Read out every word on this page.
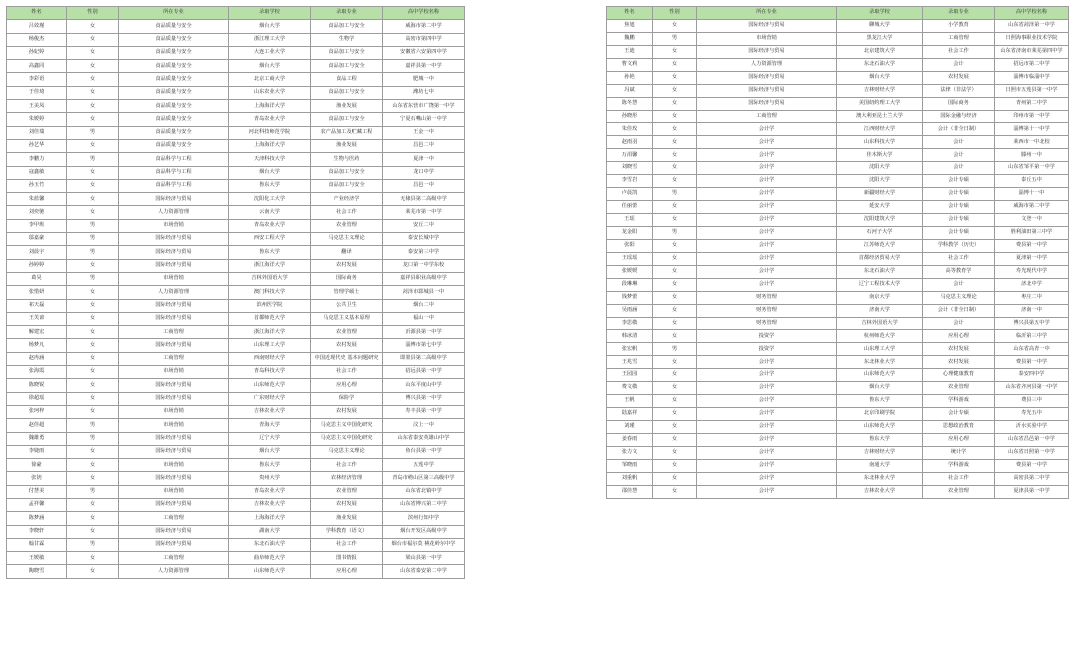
姓名	性别	所在专业	录取学校	录取专业	高中学校名称
吕效瑾	女	食品质量与安全	烟台大学	食品加工与安全	威海市第二中学
杨俊杰	女	食品质量与安全	浙江理工大学	生物学	高密市第四中学
孙妃婷	女	食品质量与安全	大连工业大学	食品加工与安全	安徽省六安第四中学
高鑫同	女	食品质量与安全	烟台大学	食品加工与安全	嘉祥县第一中学
李彩语	女	食品质量与安全	北京工商大学	食品工程	肥城一中
于佳琦	女	食品质量与安全	山东农业大学	食品加工与安全	潍坊七中
王美凤	女	食品质量与安全	上海海洋大学	渔业发展	山东省东营市广饶第一中学
朱媛婷	女	食品质量与安全	青岛农业大学	食品加工与安全	宁夏石嘴山第一中学
刘佳瑞	男	食品质量与安全	河北科技师范学院	农产品加工及贮藏工程	王金一中
孙艺华	女	食品质量与安全	上海海洋大学	渔业发展	昌邑二中
李鹏力	男	食品科学与工程	天津科技大学	生物与医药	夏津一中
寇鑫敏	女	食品科学与工程	烟台大学	食品加工与安全	龙口中学
孙玉竹	女	食品科学与工程	鲁东大学	食品加工与安全	昌邑一中
朱蓝馨	女	国际经济与贸易	沈阳化工大学	产业经济学	无棣县第二高级中学
刘奕驰	女	人力资源管理	云南大学	社会工作	莱芜市第一中学
李甲班	男	市场营销	青岛农业大学	农业管理	安丘二中
邬嘉豪	男	国际经济与贸易	西安工程大学	马克思主义理论	泰安长城中学
刘晨宇	男	国际经济与贸易	鲁东大学	翻译	泰安第三中学
孙婷婷	女	国际经济与贸易	浙江海洋大学	农村发展	龙口第一中学东校
葛昊	男	市场营销	吉林外国语大学	国际商务	嘉祥县职业高级中学
张惜妍	女	人力资源管理	澳门科技大学	管理学硕士	菏泽市郓城县一中
祁天磊	女	国际经济与贸易	滨州医学院	公共卫生	烟台二中
王芙谚	女	国际经济与贸易	首都师范大学	马克思主义基本原理	福山一中
解建宏	女	工商管理	浙江海洋大学	农业管理	沂源县第一中学
杨梦凡	女	国际经济与贸易	山东理工大学	农村发展	淄博市第七中学
赵冉涵	女	工商管理	西南财经大学	中国近现代史 基本问题研究	即墨县第二高级中学
张海霞	女	市场营销	青岛科技大学	社会工作	招远县第一中学
陈晓锐	女	国际经济与贸易	山东师范大学	应用心理	山东平度山中学
徐超瑶	女	国际经济与贸易	广东财经大学	保险学	博兴县第一中学
张珂梓	女	市场营销	吉林农业大学	农村发展	寿丰县第一中学
赵佳超	男	市场营销	青海大学	马克思主义中国化研究	汶上一中
魏雄勇	男	国际经济与贸易	辽宁大学	马克思主义中国化研究	山东省泰安英雄山中学
李婕雨	女	国际经济与贸易	烟台大学	马克思主义理论	鱼台县第一中学
徐豪	女	市场营销	鲁东大学	社会工作	五莲中学
张钥	女	国际经济与贸易	贵州大学	农林经济管理	青岛市崂山区第三高级中学
付慧美	男	市场营销	青岛农业大学	农业管理	山东省北镇中学
孟祥馨	女	国际经济与贸易	吉林农业大学	农村发展	山东省博兴第二中学
陈梦涵	女	工商管理	上海海洋大学	渔业发展	滨州行知中学
李晓轩	女	国际经济与贸易	湖南大学	学科教育（语文）	烟台开发区高级中学
翰甘霖	男	国际经济与贸易	东北石油大学	社会工作	烟台市福尔莫 桃花岭尔中学
王媛敏	女	工商管理	曲阜师范大学	图书情报	梁山县第一中学
陶晓雪	女	人力资源管理	山东师范大学	应用心理	山东省泰安第二中学
姓名	性别	所在专业	录取学校	录取专业	高中学校名称
焦旭	女	国际经济与贸易	聊城大学	小学教育	山东省菏泽第一中学
魏鹏	男	市场营销	黑龙江大学	工商管理	日照海事职业技术学院
王迪	女	国际经济与贸易	北京建筑大学	社会工作	山东省济南市莱芜第四中学
曹文莉	女	人力资源管理	东北石油大学	会计	招远市第二中学
孙艳	女	国际经济与贸易	烟台大学	农村发展	淄博市临淄中学
冯斌	女	国际经济与贸易	吉林财经大学	法律（非法学）	日照市五莲县第一中学
陈冬慧	女	国际经济与贸易	美国纽约理工大学	国际商务	青州第二中学
孙晓彤	女	工商管理	澳大利亚昆士兰大学	国际金融与经济	印州市第一中学
朱佳玫	女	会计学	江西财经大学	会计（非全日制）	淄博第十一中学
赵雨羽	女	会计学	山东科技大学	会计	莱西市一中北校
万涓馨	女	会计学	佳木斯大学	会计	滕州一中
刘晓雪	女	会计学	沈阳大学	会计	山东省邹平第一中学
李雪岩	女	会计学	沈阳大学	会计专硕	泰丘五中
卢晨凯	男	会计学	新疆财经大学	会计专硕	淄博十一中
任丽蕾	女	会计学	延安大学	会计专硕	威海市第二中学
王瑶	女	会计学	沈阳建筑大学	会计专硕	文登一中
龙金阳	男	会计学	石河子大学	会计专硕	胜利油田第三中学
张阳	女	会计学	江苏师范大学	学科教学（历史）	费县第一中学
王瑶瑶	女	会计学	首都经济贸易大学	社会工作	夏津第一中学
张媛媛	女	会计学	东北石油大学	高等教育学	寿光现代中学
段琳琳	女	会计学	辽宁工程技术大学	会计	济北中学
钱梦蕾	女	财务管理	南京大学	马克思主义理论	枣庄二中
吴雨涵	女	财务管理	济南大学	会计（非全日制）	济南一中
李思敬	女	财务管理	吉林外国语大学	会计	博兴县第五中学
韩冰清	女	投资学	杭州师范大学	应用心理	临沂第三中学
张宏帆	男	投资学	山东理工大学	农村发展	山东省高青一中
王兆雪	女	会计学	东北林业大学	农村发展	费县第一中学
王园园	女	会计学	山东师范大学	心理健康教育	泰安四中学
费文敬	女	会计学	烟台大学	农业管理	山东省齐河县第一中学
王帆	女	会计学	鲁东大学	学科游戏	费县三中
陆嘉祥	女	会计学	北京印刷学院	会计专硕	寿光五中
刘瑾	女	会计学	山东师范大学	思想政治教育	沂水实验中学
姜春雨	女	会计学	鲁东大学	应用心理	山东省昌邑第一中学
张力文	女	会计学	吉林财经大学	统计学	山东省日照第一中学
邹晓雨	女	会计学	南通大学	学科游戏	费县第一中学
刘重帆	女	会计学	东北林业大学	社会工作	高密县第二中学
邵佳慧	女	会计学	吉林农业大学	农业管理	夏津县第一中学
